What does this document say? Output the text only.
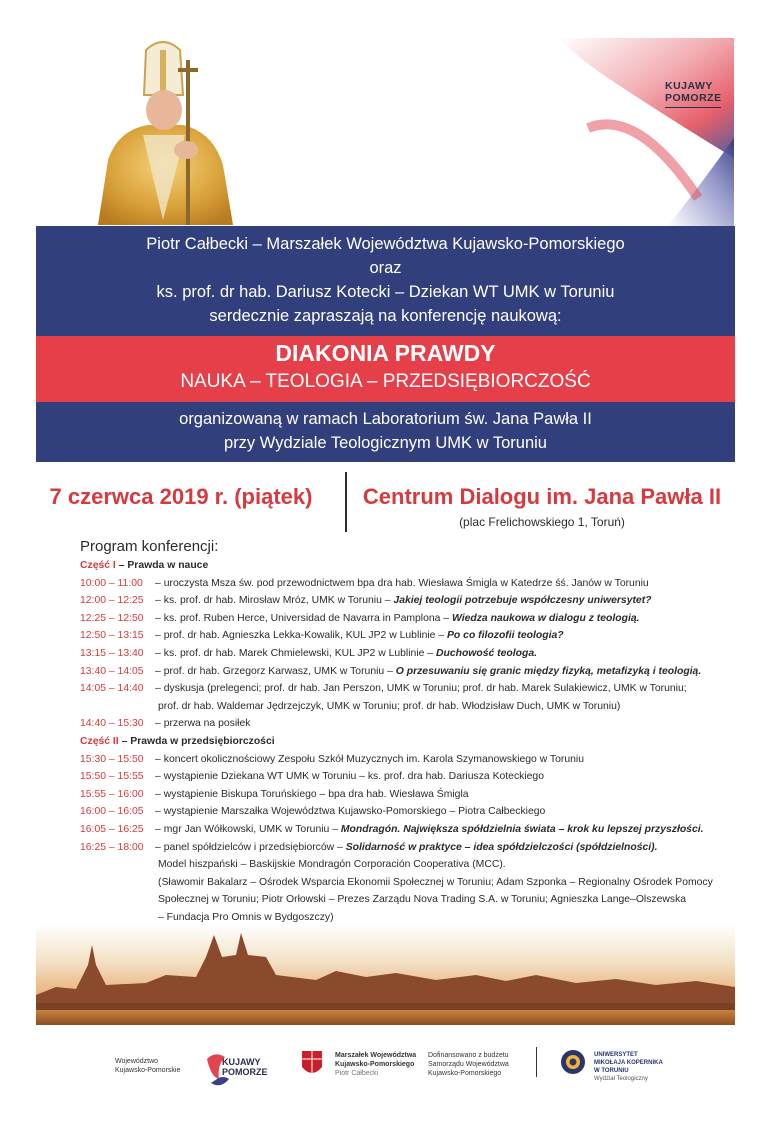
KUJAWY
POMORZE
Piotr Całbecki – Marszałek Województwa Kujawsko-Pomorskiego
oraz
ks. prof. dr hab. Dariusz Kotecki – Dziekan WT UMK w Toruniu
serdecznie zapraszają na konferencję naukową:
DIAKONIA PRAWDY
NAUKA – TEOLOGIA – PRZEDSIĘBIORCZOŚĆ
organizowaną w ramach Laboratorium św. Jana Pawła II
przy Wydziale Teologicznym UMK w Toruniu
7 czerwca 2019 r. (piątek)	Centrum Dialogu im. Jana Pawła II
(plac Frelichowskiego 1, Toruń)
Program konferencji:
Część I – Prawda w nauce
10:00 – 11:00	– uroczysta Msza św. pod przewodnictwem bpa dra hab. Wiesława Śmigla w Katedrze śś. Janów w Toruniu
12:00 – 12:25	– ks. prof. dr hab. Mirosław Mróz, UMK w Toruniu – Jakiej teologii potrzebuje współczesny uniwersytet?
12:25 – 12:50	– ks. prof. Ruben Herce, Universidad de Navarra in Pamplona – Wiedza naukowa w dialogu z teologią.
12:50 – 13:15	– prof. dr hab. Agnieszka Lekka-Kowalik, KUL JP2 w Lublinie – Po co filozofii teologia?
13:15 – 13:40	– ks. prof. dr hab. Marek Chmielewski, KUL JP2 w Lublinie – Duchowość teologa.
13:40 – 14:05	– prof. dr hab. Grzegorz Karwasz, UMK w Toruniu – O przesuwaniu się granic między fizyką, metafizyką i teologią.
14:05 – 14:40	– dyskusja (prelegenci; prof. dr hab. Jan Perszon, UMK w Toruniu; prof. dr hab. Marek Sulakiewicz, UMK w Toruniu;
prof. dr hab. Waldemar Jędrzejczyk, UMK w Toruniu; prof. dr hab. Włodzisław Duch, UMK w Toruniu)
14:40 – 15:30	– przerwa na posiłek
Część II – Prawda w przedsiębiorczości
15:30 – 15:50	– koncert okolicznościowy Zespołu Szkół Muzycznych im. Karola Szymanowskiego w Toruniu
15:50 – 15:55	– wystąpienie Dziekana WT UMK w Toruniu – ks. prof. dra hab. Dariusza Koteckiego
15:55 – 16:00	– wystąpienie Biskupa Toruńskiego – bpa dra hab. Wiesława Śmigla
16:00 – 16:05	– wystąpienie Marszałka Województwa Kujawsko-Pomorskiego – Piotra Całbeckiego
16:05 – 16:25	– mgr Jan Wółkowski, UMK w Toruniu – Mondragón. Największa spółdzielnia świata – krok ku lepszej przyszłości.
16:25 – 18:00	– panel spółdzielców i przedsiębiorców – Solidarność w praktyce – idea spółdzielczości (spółdzielności).
Model hiszpański – Baskijskie Mondragón Corporación Cooperativa (MCC).
(Sławomir Bakalarz – Ośrodek Wsparcia Ekonomii Społecznej w Toruniu; Adam Szponka – Regionalny Ośrodek Pomocy
Społecznej w Toruniu; Piotr Orłowski – Prezes Zarządu Nova Trading S.A. w Toruniu; Agnieszka Lange–Olszewska
– Fundacja Pro Omnis w Bydgoszczy)
Województwo
Kujawsko-Pomorskie
KUJAWY
POMORZE
Marszałek Województwa
Kujawsko-Pomorskiego
Piotr Całbecki
Dofinansowano z budżetu
Samorządu Województwa
Kujawsko-Pomorskiego
UNIWERSYTET
MIKOŁAJA KOPERNIKA
W TORUNIU
Wydział Teologiczny
